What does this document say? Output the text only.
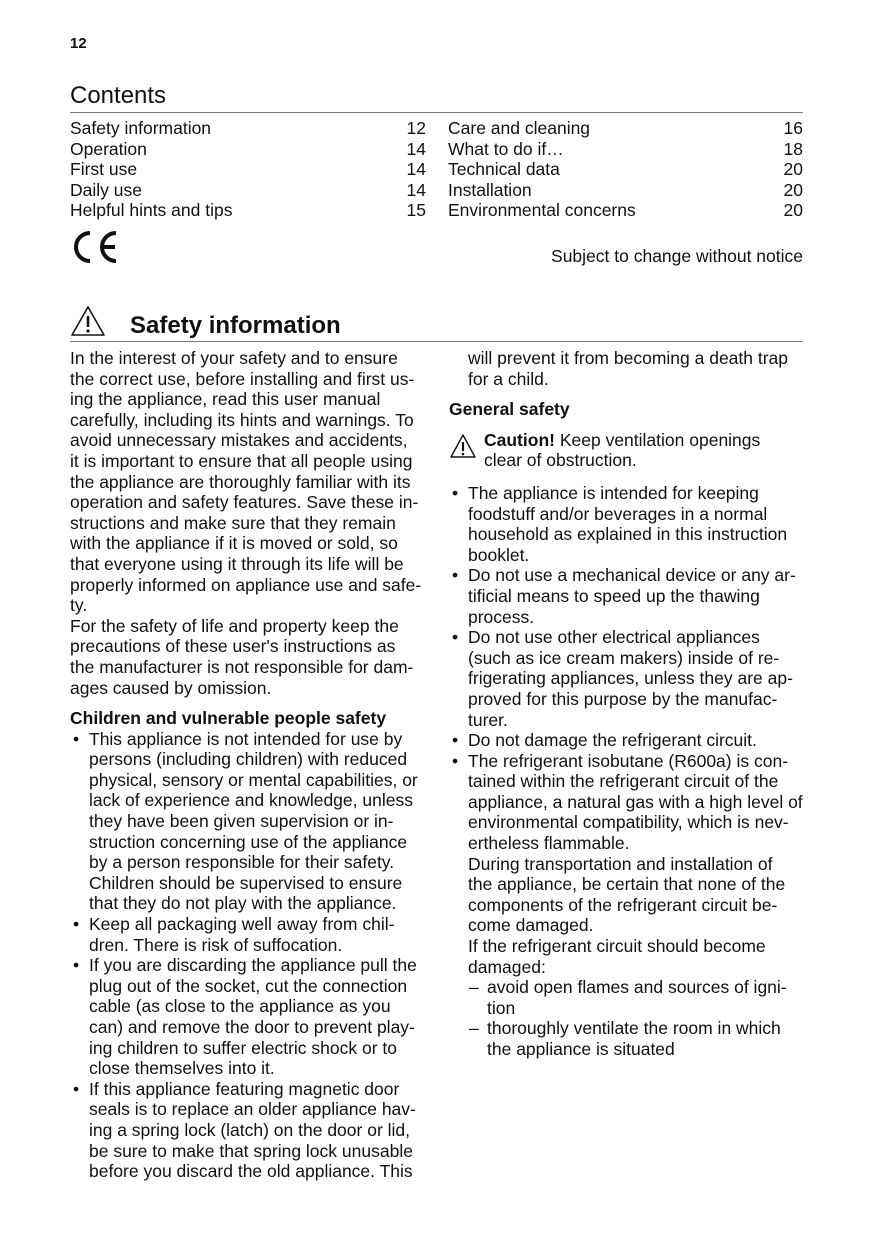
12
Contents
Safety information	12
Operation	14
First use	14
Daily use	14
Helpful hints and tips	15
Care and cleaning	16
What to do if…	18
Technical data	20
Installation	20
Environmental concerns	20
Subject to change without notice
Safety information

In the interest of your safety and to ensure
the correct use, before installing and first us-
ing the appliance, read this user manual
carefully, including its hints and warnings. To
avoid unnecessary mistakes and accidents,
it is important to ensure that all people using
the appliance are thoroughly familiar with its
operation and safety features. Save these in-
structions and make sure that they remain
with the appliance if it is moved or sold, so
that everyone using it through its life will be
properly informed on appliance use and safe-
ty.
For the safety of life and property keep the
precautions of these user's instructions as
the manufacturer is not responsible for dam-
ages caused by omission.

Children and vulnerable people safety

• This appliance is not intended for use by
persons (including children) with reduced
physical, sensory or mental capabilities, or
lack of experience and knowledge, unless
they have been given supervision or in-
struction concerning use of the appliance
by a person responsible for their safety.
Children should be supervised to ensure
that they do not play with the appliance.
• Keep all packaging well away from chil-
dren. There is risk of suffocation.
• If you are discarding the appliance pull the
plug out of the socket, cut the connection
cable (as close to the appliance as you
can) and remove the door to prevent play-
ing children to suffer electric shock or to
close themselves into it.
• If this appliance featuring magnetic door
seals is to replace an older appliance hav-
ing a spring lock (latch) on the door or lid,
be sure to make that spring lock unusable
before you discard the old appliance. This

will prevent it from becoming a death trap
for a child.

General safety

Caution! Keep ventilation openings
clear of obstruction.
• The appliance is intended for keeping
foodstuff and/or beverages in a normal
household as explained in this instruction
booklet.
• Do not use a mechanical device or any ar-
tificial means to speed up the thawing
process.
• Do not use other electrical appliances
(such as ice cream makers) inside of re-
frigerating appliances, unless they are ap-
proved for this purpose by the manufac-
turer.
• Do not damage the refrigerant circuit.
• The refrigerant isobutane (R600a) is con-
tained within the refrigerant circuit of the
appliance, a natural gas with a high level of
environmental compatibility, which is nev-
ertheless flammable.
During transportation and installation of
the appliance, be certain that none of the
components of the refrigerant circuit be-
come damaged.
If the refrigerant circuit should become
damaged:
– avoid open flames and sources of igni-
tion
– thoroughly ventilate the room in which
the appliance is situated
